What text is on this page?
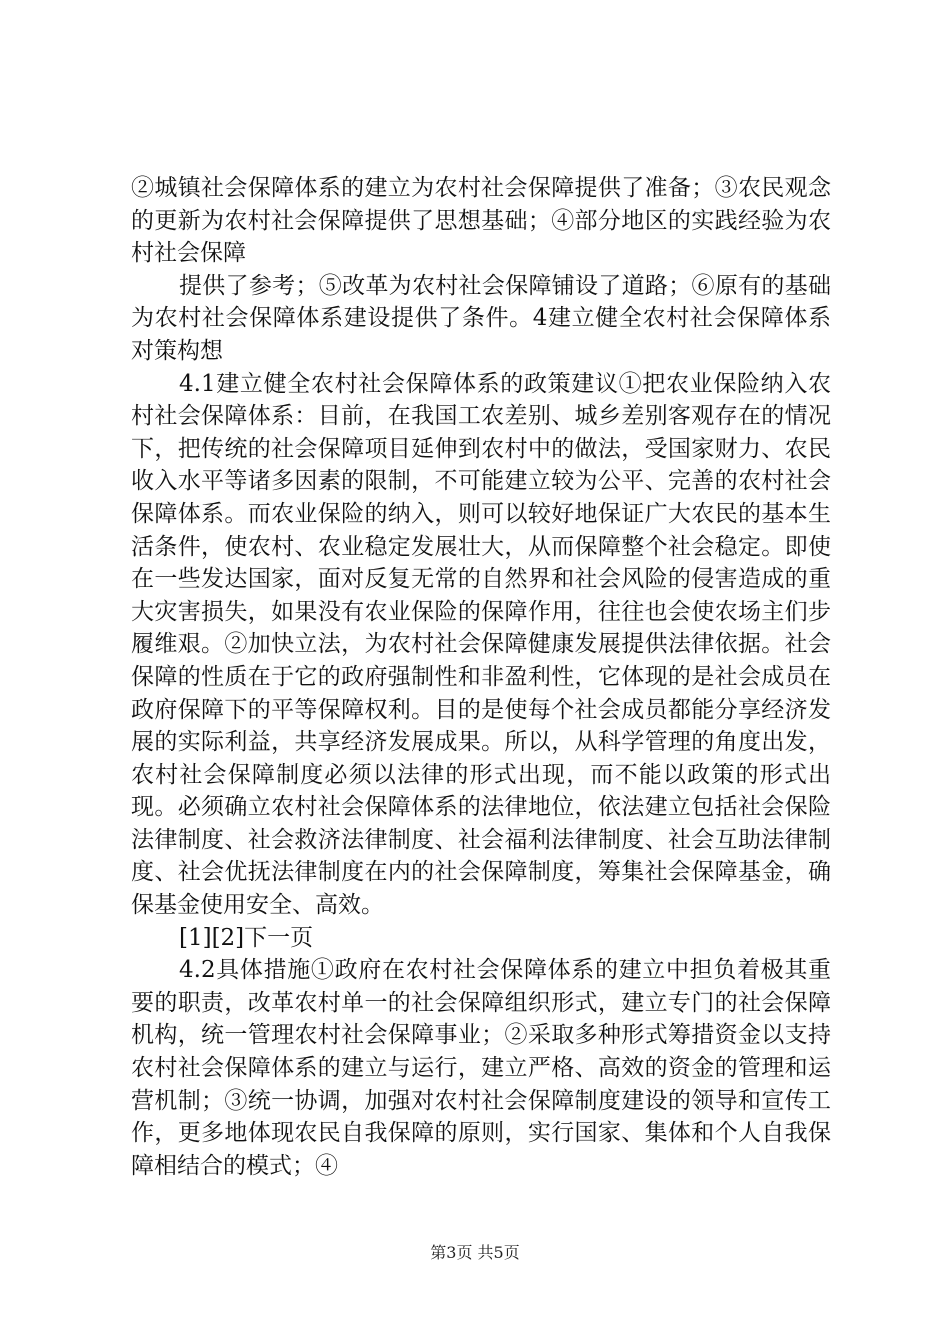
②城镇社会保障体系的建立为农村社会保障提供了准备；③农民观念的更新为农村社会保障提供了思想基础；④部分地区的实践经验为农村社会保障

提供了参考；⑤改革为农村社会保障铺设了道路；⑥原有的基础为农村社会保障体系建设提供了条件。4建立健全农村社会保障体系对策构想

4.1建立健全农村社会保障体系的政策建议①把农业保险纳入农村社会保障体系：目前，在我国工农差别、城乡差别客观存在的情况下，把传统的社会保障项目延伸到农村中的做法，受国家财力、农民收入水平等诸多因素的限制，不可能建立较为公平、完善的农村社会保障体系。而农业保险的纳入，则可以较好地保证广大农民的基本生活条件，使农村、农业稳定发展壮大，从而保障整个社会稳定。即使在一些发达国家，面对反复无常的自然界和社会风险的侵害造成的重大灾害损失，如果没有农业保险的保障作用，往往也会使农场主们步履维艰。②加快立法，为农村社会保障健康发展提供法律依据。社会保障的性质在于它的政府强制性和非盈利性，它体现的是社会成员在政府保障下的平等保障权利。目的是使每个社会成员都能分享经济发展的实际利益，共享经济发展成果。所以，从科学管理的角度出发，农村社会保障制度必须以法律的形式出现，而不能以政策的形式出现。必须确立农村社会保障体系的法律地位，依法建立包括社会保险法律制度、社会救济法律制度、社会福利法律制度、社会互助法律制度、社会优抚法律制度在内的社会保障制度，筹集社会保障基金，确保基金使用安全、高效。

[1][2]下一页

4.2具体措施①政府在农村社会保障体系的建立中担负着极其重要的职责，改革农村单一的社会保障组织形式，建立专门的社会保障机构，统一管理农村社会保障事业；②采取多种形式筹措资金以支持农村社会保障体系的建立与运行，建立严格、高效的资金的管理和运营机制；③统一协调，加强对农村社会保障制度建设的领导和宣传工作，更多地体现农民自我保障的原则，实行国家、集体和个人自我保障相结合的模式；④

第3页 共5页
